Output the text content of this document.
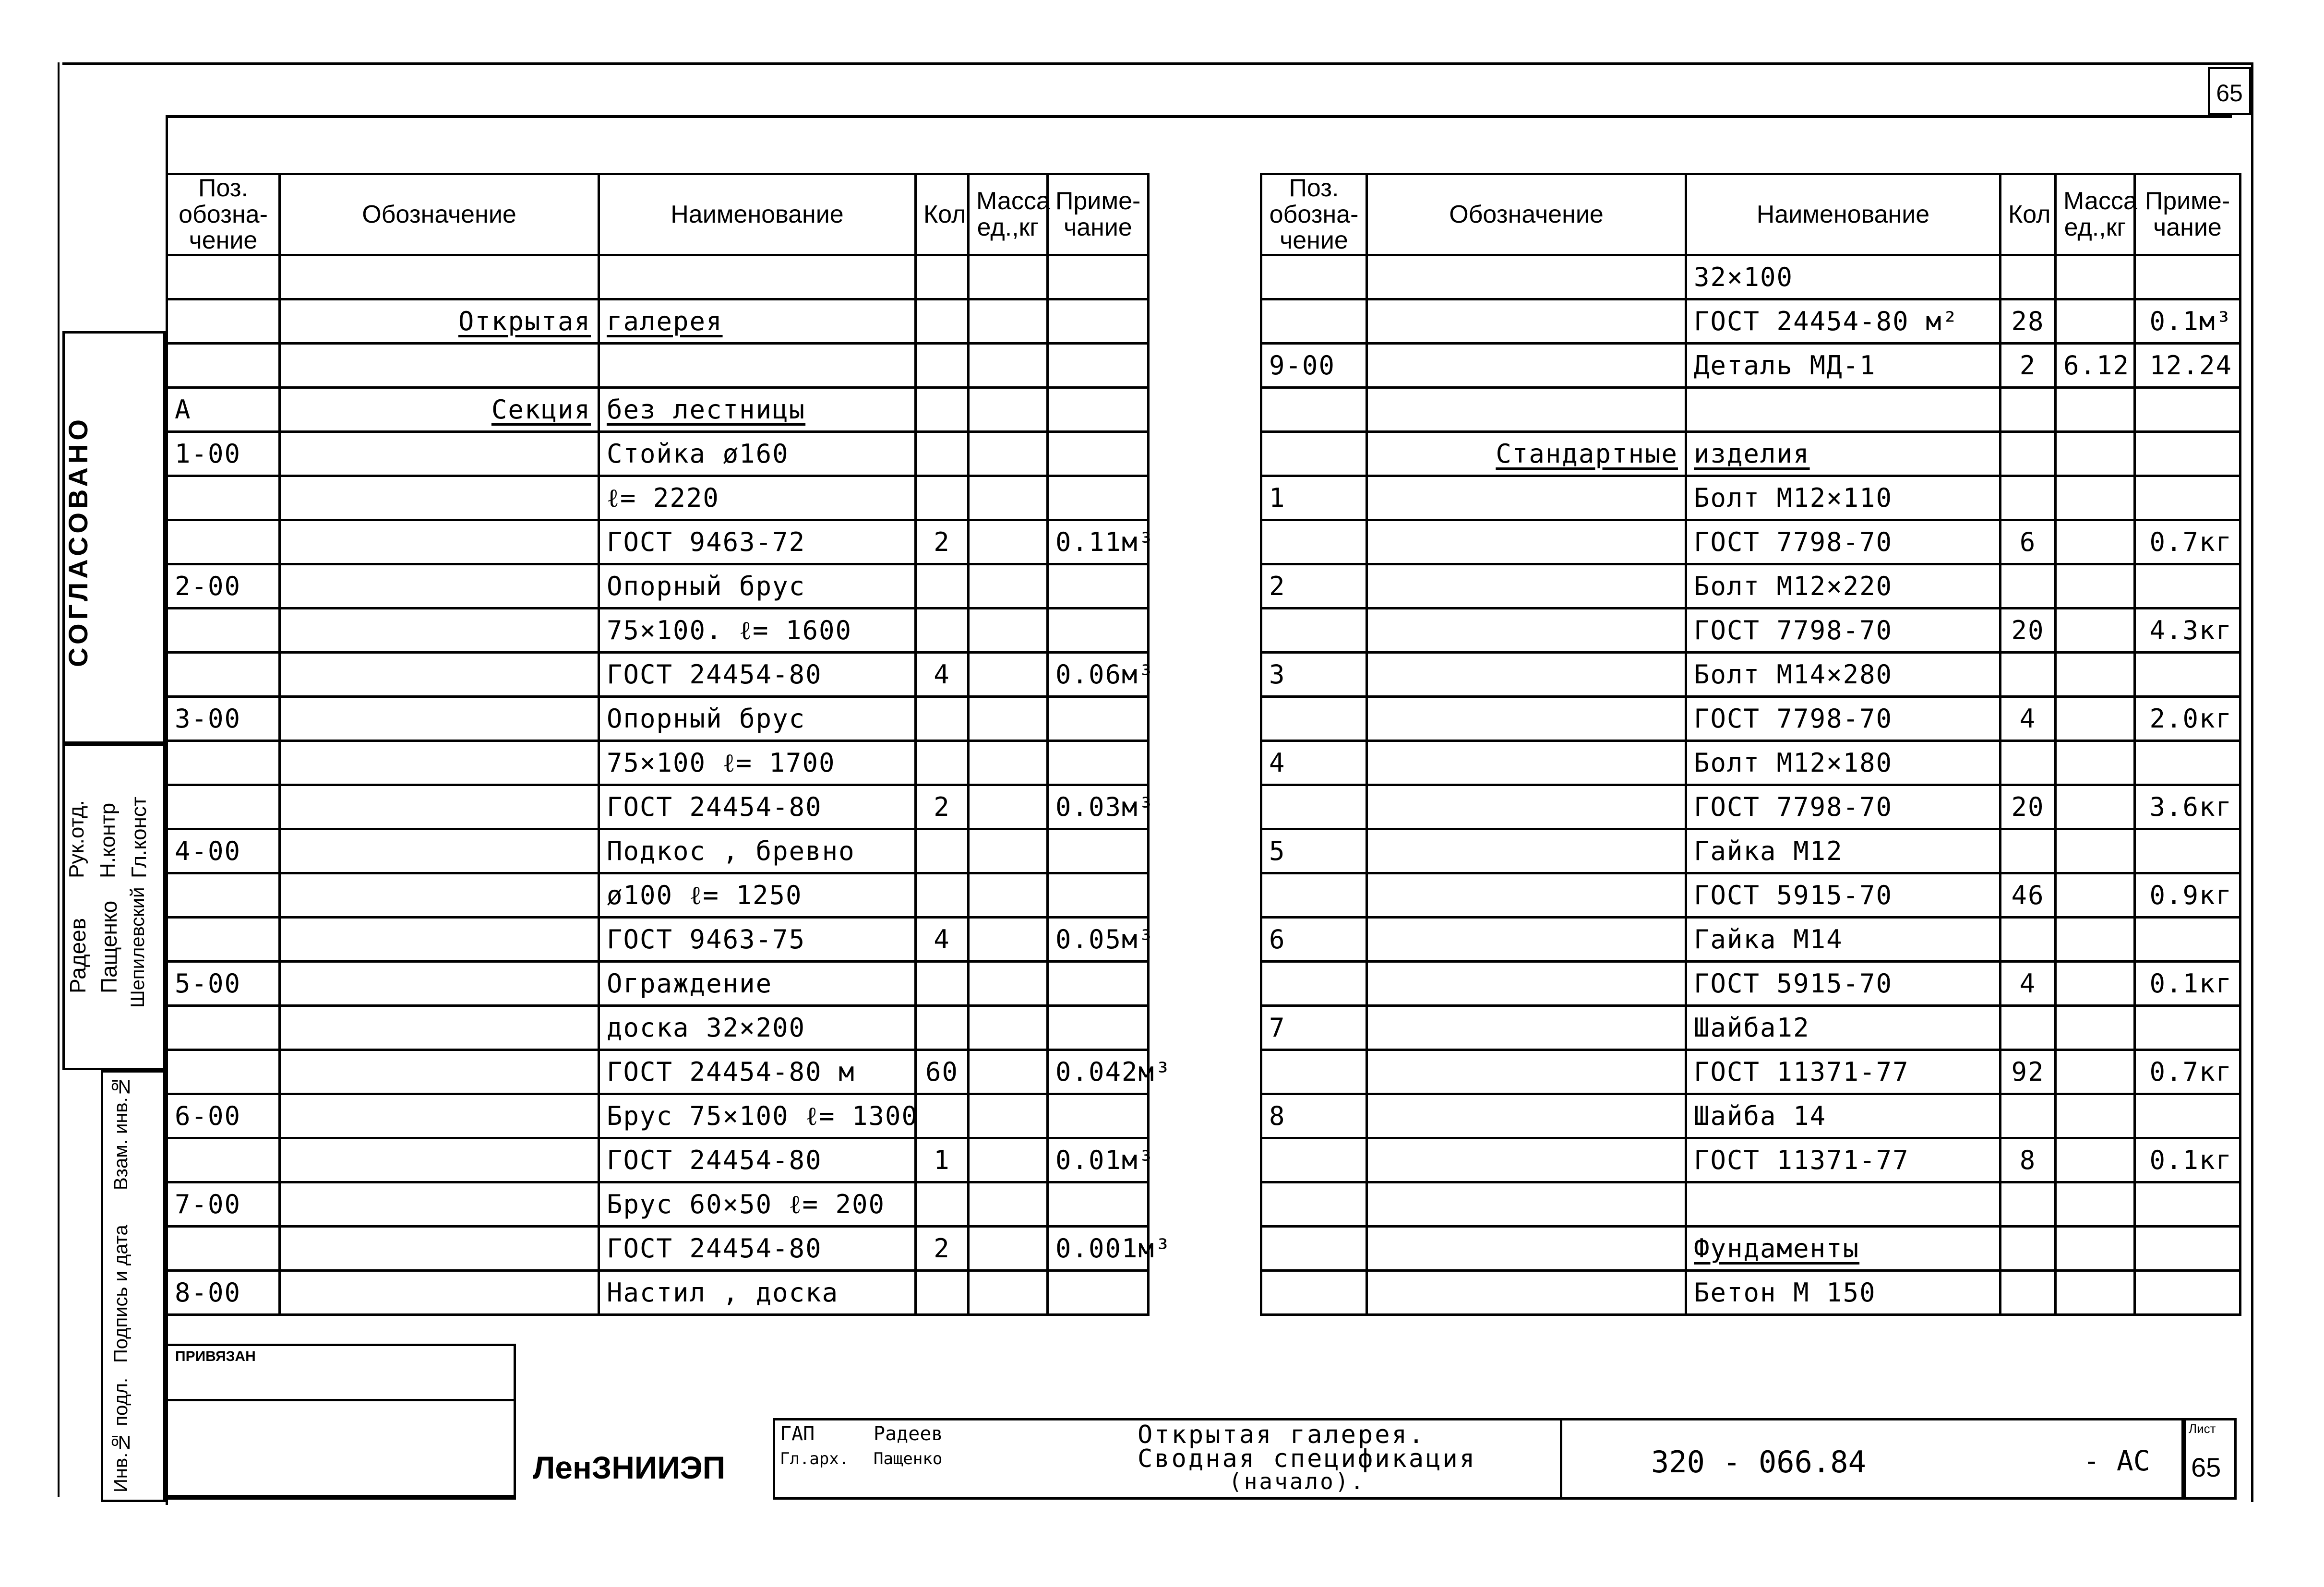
65
Поз. обозна- чение	Обозначение	Наименование	Кол	Масса ед.,кг	Приме- чание

	Открытая	галерея			

А	Секция	без лестницы			
1-00		Стойка ø160			
		ℓ= 2220			
		ГОСТ 9463-72	2		0.11м³
2-00		Опорный брус			
		75×100. ℓ= 1600			
		ГОСТ 24454-80	4		0.06м³
3-00		Опорный брус			
		75×100 ℓ= 1700			
		ГОСТ 24454-80	2		0.03м³
4-00		Подкос , бревно			
		ø100 ℓ= 1250			
		ГОСТ 9463-75	4		0.05м³
5-00		Ограждение			
		доска 32×200			
		ГОСТ 24454-80 м	60		0.042м³
6-00		Брус 75×100 ℓ= 1300			
		ГОСТ 24454-80	1		0.01м³
7-00		Брус 60×50 ℓ= 200			
		ГОСТ 24454-80	2		0.001м³
8-00		Настил , доска			
Поз. обозна- чение	Обозначение	Наименование	Кол	Масса ед.,кг	Приме- чание
		32×100			
		ГОСТ 24454-80 м²	28		0.1м³
9-00		Деталь МД-1	2	6.12	12.24

	Стандартные	изделия			
1		Болт М12×110			
		ГОСТ 7798-70	6		0.7кг
2		Болт М12×220			
		ГОСТ 7798-70	20		4.3кг
3		Болт М14×280			
		ГОСТ 7798-70	4		2.0кг
4		Болт М12×180			
		ГОСТ 7798-70	20		3.6кг
5		Гайка М12			
		ГОСТ 5915-70	46		0.9кг
6		Гайка М14			
		ГОСТ 5915-70	4		0.1кг
7		Шайба12			
		ГОСТ 11371-77	92		0.7кг
8		Шайба 14			
		ГОСТ 11371-77	8		0.1кг

		Фундаменты			
		Бетон М 150			
СОГЛАСОВАНО
Рук.отд.
Радеев
Н.контр
Пащенко
Гл.конст
Шепилевский
Взам. инв.№
Подпись и дата
Инв.№ подл.
ПРИВЯЗАН
ЛенЗНИИЭП
ГАП	Радеев
Гл.арх. Пащенко
Открытая галерея.
Сводная спецификация
(начало).
320 - 066.84	- АС
Лист
65
